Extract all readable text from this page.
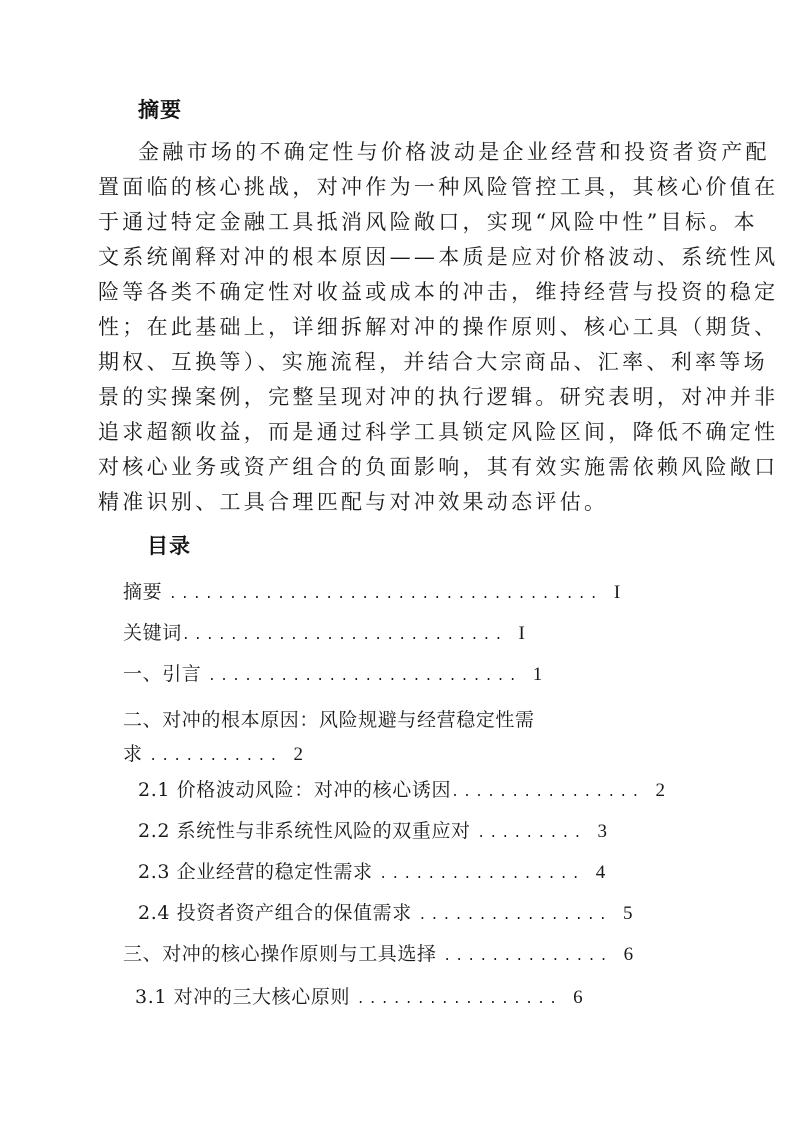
摘要
金融市场的不确定性与价格波动是企业经营和投资者资产配
置面临的核心挑战，对冲作为一种风险管控工具，其核心价值在
于通过特定金融工具抵消风险敞口，实现“风险中性”目标。本
文系统阐释对冲的根本原因——本质是应对价格波动、系统性风
险等各类不确定性对收益或成本的冲击，维持经营与投资的稳定
性；在此基础上，详细拆解对冲的操作原则、核心工具（期货、
期权、互换等）、实施流程，并结合大宗商品、汇率、利率等场
景的实操案例，完整呈现对冲的执行逻辑。研究表明，对冲并非
追求超额收益，而是通过科学工具锁定风险区间，降低不确定性
对核心业务或资产组合的负面影响，其有效实施需依赖风险敞口
精准识别、工具合理匹配与对冲效果动态评估。
目录
摘要 .................................... I
关键词........................... I
一、引言 .......................... 1
二、对冲的根本原因：风险规避与经营稳定性需
求 ........... 2
2.1 价格波动风险：对冲的核心诱因................ 2
2.2 系统性与非系统性风险的双重应对 ......... 3
2.3 企业经营的稳定性需求 ................. 4
2.4 投资者资产组合的保值需求 ................ 5
三、对冲的核心操作原则与工具选择 .............. 6
3.1 对冲的三大核心原则 ................. 6
